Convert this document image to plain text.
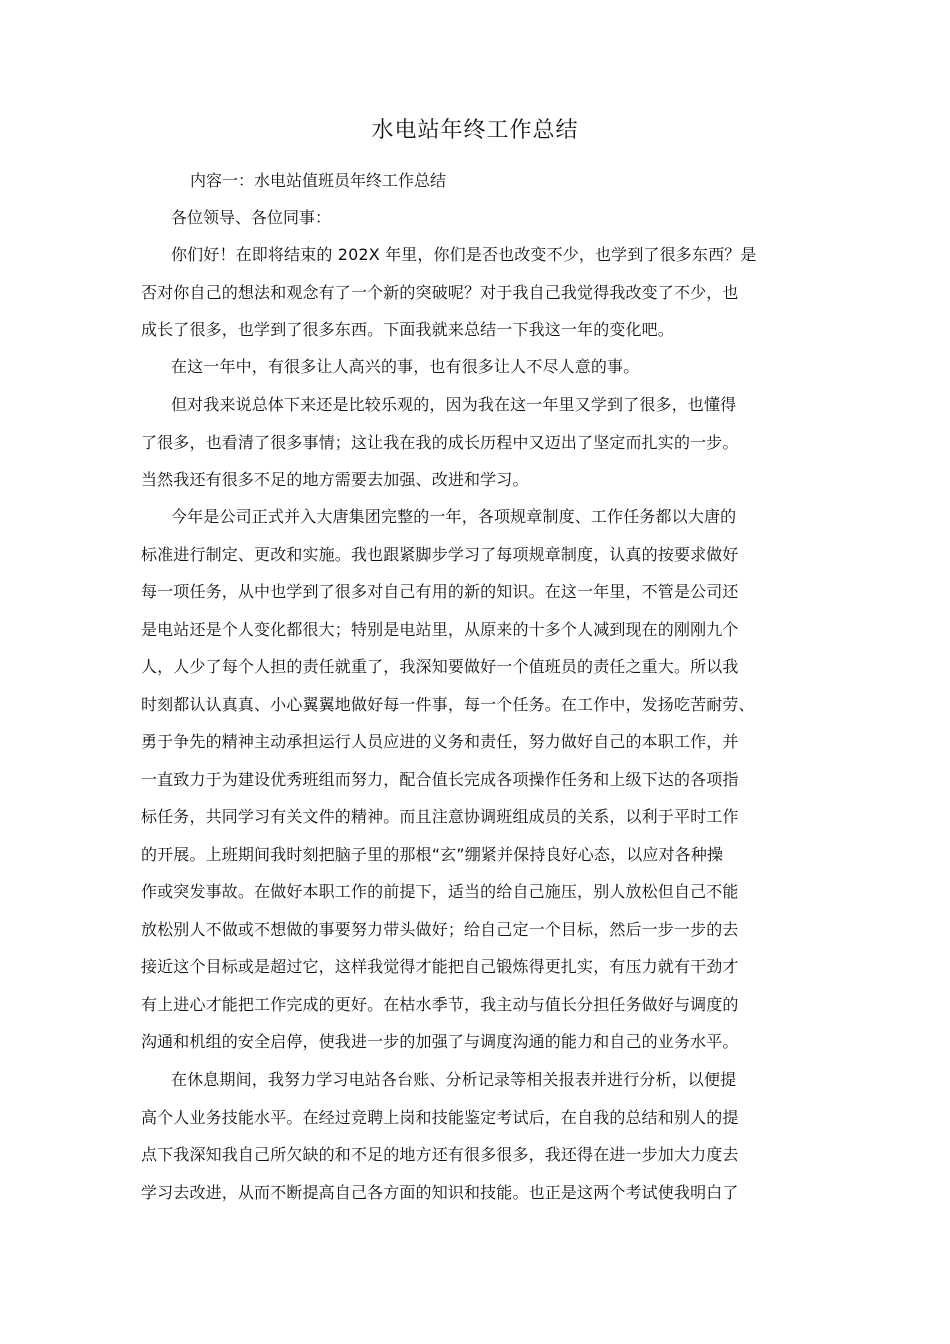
水电站年终工作总结
内容一：水电站值班员年终工作总结
各位领导、各位同事：
你们好！在即将结束的 202X 年里，你们是否也改变不少，也学到了很多东西？是
否对你自己的想法和观念有了一个新的突破呢？对于我自己我觉得我改变了不少，也
成长了很多，也学到了很多东西。下面我就来总结一下我这一年的变化吧。
在这一年中，有很多让人高兴的事，也有很多让人不尽人意的事。
但对我来说总体下来还是比较乐观的，因为我在这一年里又学到了很多，也懂得
了很多，也看清了很多事情；这让我在我的成长历程中又迈出了坚定而扎实的一步。
当然我还有很多不足的地方需要去加强、改进和学习。
今年是公司正式并入大唐集团完整的一年，各项规章制度、工作任务都以大唐的
标准进行制定、更改和实施。我也跟紧脚步学习了每项规章制度，认真的按要求做好
每一项任务，从中也学到了很多对自己有用的新的知识。在这一年里，不管是公司还
是电站还是个人变化都很大；特别是电站里，从原来的十多个人减到现在的刚刚九个
人，人少了每个人担的责任就重了，我深知要做好一个值班员的责任之重大。所以我
时刻都认认真真、小心翼翼地做好每一件事，每一个任务。在工作中，发扬吃苦耐劳、
勇于争先的精神主动承担运行人员应进的义务和责任，努力做好自己的本职工作，并
一直致力于为建设优秀班组而努力，配合值长完成各项操作任务和上级下达的各项指
标任务，共同学习有关文件的精神。而且注意协调班组成员的关系，以利于平时工作
的开展。上班期间我时刻把脑子里的那根“玄”绷紧并保持良好心态，以应对各种操
作或突发事故。在做好本职工作的前提下，适当的给自己施压，别人放松但自己不能
放松别人不做或不想做的事要努力带头做好；给自己定一个目标，然后一步一步的去
接近这个目标或是超过它，这样我觉得才能把自己锻炼得更扎实，有压力就有干劲才
有上进心才能把工作完成的更好。在枯水季节，我主动与值长分担任务做好与调度的
沟通和机组的安全启停，使我进一步的加强了与调度沟通的能力和自己的业务水平。
在休息期间，我努力学习电站各台账、分析记录等相关报表并进行分析，以便提
高个人业务技能水平。在经过竞聘上岗和技能鉴定考试后，在自我的总结和别人的提
点下我深知我自己所欠缺的和不足的地方还有很多很多，我还得在进一步加大力度去
学习去改进，从而不断提高自己各方面的知识和技能。也正是这两个考试使我明白了
